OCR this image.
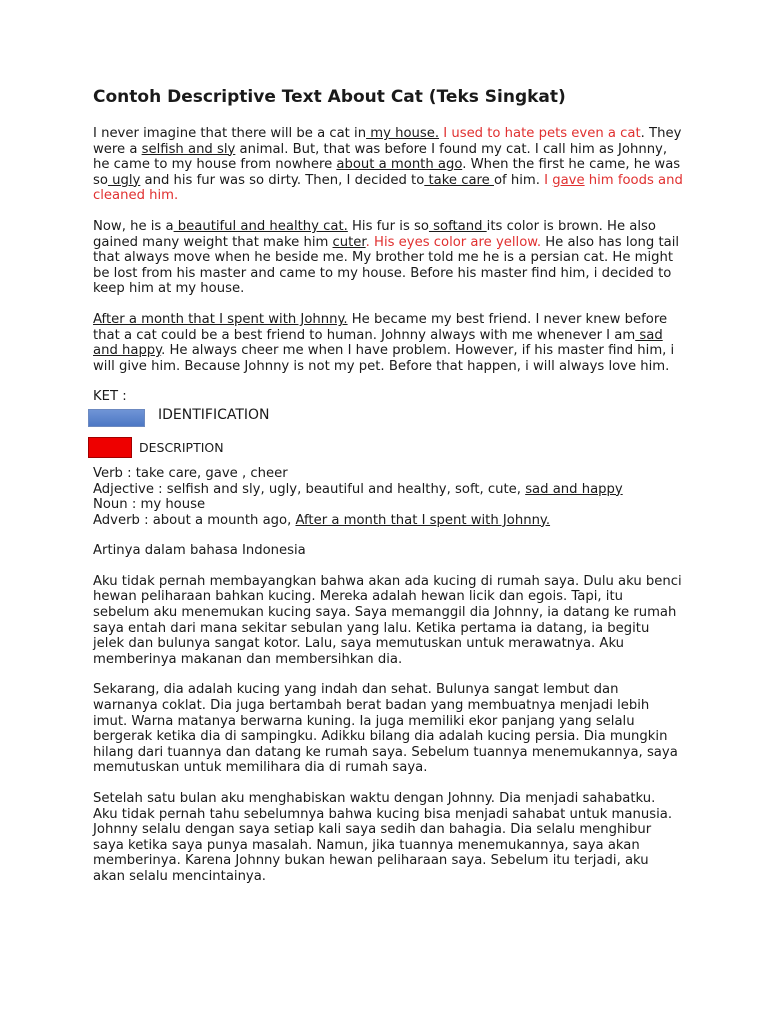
Contoh Descriptive Text About Cat (Teks Singkat)

I never imagine that there will be a cat in my house. I used to hate pets even a cat. They were a selfish and sly animal. But, that was before I found my cat. I call him as Johnny, he came to my house from nowhere about a month ago. When the first he came, he was so ugly and his fur was so dirty. Then, I decided to take care of him. I gave him foods and cleaned him.

Now, he is a beautiful and healthy cat. His fur is so softand its color is brown. He also gained many weight that make him cuter. His eyes color are yellow. He also has long tail that always move when he beside me. My brother told me he is a persian cat. He might be lost from his master and came to my house. Before his master find him, i decided to keep him at my house.

After a month that I spent with Johnny. He became my best friend. I never knew before that a cat could be a best friend to human. Johnny always with me whenever I am sad and happy. He always cheer me when I have problem. However, if his master find him, i will give him. Because Johnny is not my pet. Before that happen, i will always love him.

KET :

IDENTIFICATION
DESCRIPTION

Verb : take care, gave , cheer

Adjective : selfish and sly, ugly, beautiful and healthy, soft, cute, sad and happy

Noun : my house

Adverb : about a mounth ago, After a month that I spent with Johnny.

Artinya dalam bahasa Indonesia

Aku tidak pernah membayangkan bahwa akan ada kucing di rumah saya. Dulu aku benci hewan peliharaan bahkan kucing. Mereka adalah hewan licik dan egois. Tapi, itu sebelum aku menemukan kucing saya. Saya memanggil dia Johnny, ia datang ke rumah saya entah dari mana sekitar sebulan yang lalu. Ketika pertama ia datang, ia begitu jelek dan bulunya sangat kotor. Lalu, saya memutuskan untuk merawatnya. Aku memberinya makanan dan membersihkan dia.

Sekarang, dia adalah kucing yang indah dan sehat. Bulunya sangat lembut dan warnanya coklat. Dia juga bertambah berat badan yang membuatnya menjadi lebih imut. Warna matanya berwarna kuning. Ia juga memiliki ekor panjang yang selalu bergerak ketika dia di sampingku. Adikku bilang dia adalah kucing persia. Dia mungkin hilang dari tuannya dan datang ke rumah saya. Sebelum tuannya menemukannya, saya memutuskan untuk memilihara dia di rumah saya.

Setelah satu bulan aku menghabiskan waktu dengan Johnny. Dia menjadi sahabatku. Aku tidak pernah tahu sebelumnya bahwa kucing bisa menjadi sahabat untuk manusia. Johnny selalu dengan saya setiap kali saya sedih dan bahagia. Dia selalu menghibur saya ketika saya punya masalah. Namun, jika tuannya menemukannya, saya akan memberinya. Karena Johnny bukan hewan peliharaan saya. Sebelum itu terjadi, aku akan selalu mencintainya.
